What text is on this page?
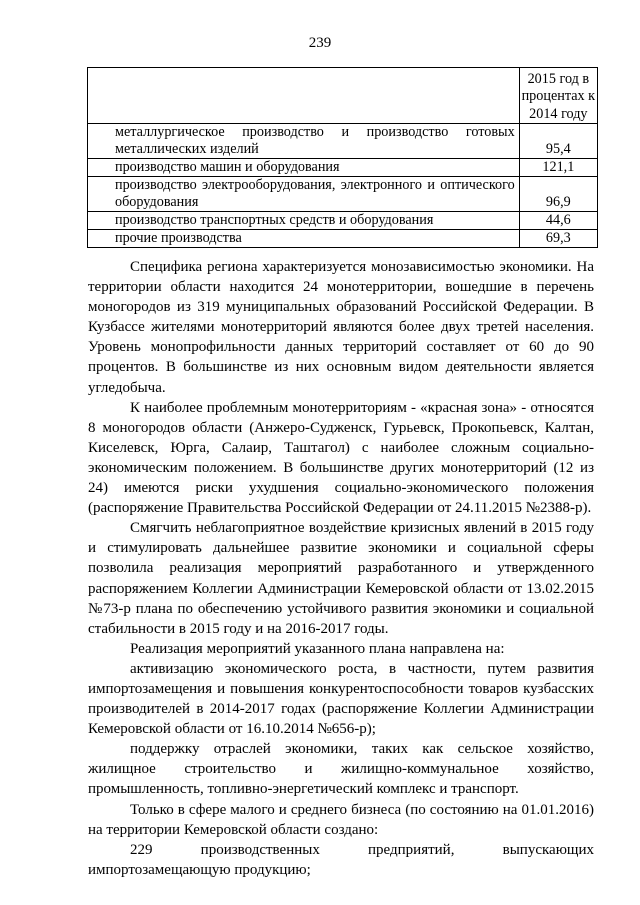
239
	2015 год в процентах к 2014 году
металлургическое производство и производство готовых металлических изделий	95,4
производство машин и оборудования	121,1
производство электрооборудования, электронного и оптического оборудования	96,9
производство транспортных средств и оборудования	44,6
прочие производства	69,3

Специфика региона характеризуется монозависимостью экономики. На территории области находится 24 монотерритории, вошедшие в перечень моногородов из 319 муниципальных образований Российской Федерации. В Кузбассе жителями монотерриторий являются более двух третей населения. Уровень монопрофильности данных территорий составляет от 60 до 90 процентов. В большинстве из них основным видом деятельности является угледобыча.

К наиболее проблемным монотерриториям - «красная зона» - относятся 8 моногородов области (Анжеро-Судженск, Гурьевск, Прокопьевск, Калтан, Киселевск, Юрга, Салаир, Таштагол) с наиболее сложным социально-экономическим положением. В большинстве других монотерриторий (12 из 24) имеются риски ухудшения социально-экономического положения (распоряжение Правительства Российской Федерации от 24.11.2015 №2388-р).

Смягчить неблагоприятное воздействие кризисных явлений в 2015 году и стимулировать дальнейшее развитие экономики и социальной сферы позволила реализация мероприятий разработанного и утвержденного распоряжением Коллегии Администрации Кемеровской области от 13.02.2015 №73-р плана по обеспечению устойчивого развития экономики и социальной стабильности в 2015 году и на 2016-2017 годы.

Реализация мероприятий указанного плана направлена на:

активизацию экономического роста, в частности, путем развития импортозамещения и повышения конкурентоспособности товаров кузбасских производителей в 2014-2017 годах (распоряжение Коллегии Администрации Кемеровской области от 16.10.2014 №656-р);

поддержку отраслей экономики, таких как сельское хозяйство, жилищное строительство и жилищно-коммунальное хозяйство, промышленность, топливно-энергетический комплекс и транспорт.

Только в сфере малого и среднего бизнеса (по состоянию на 01.01.2016) на территории Кемеровской области создано:

229 производственных предприятий, выпускающих

импортозамещающую продукцию;
